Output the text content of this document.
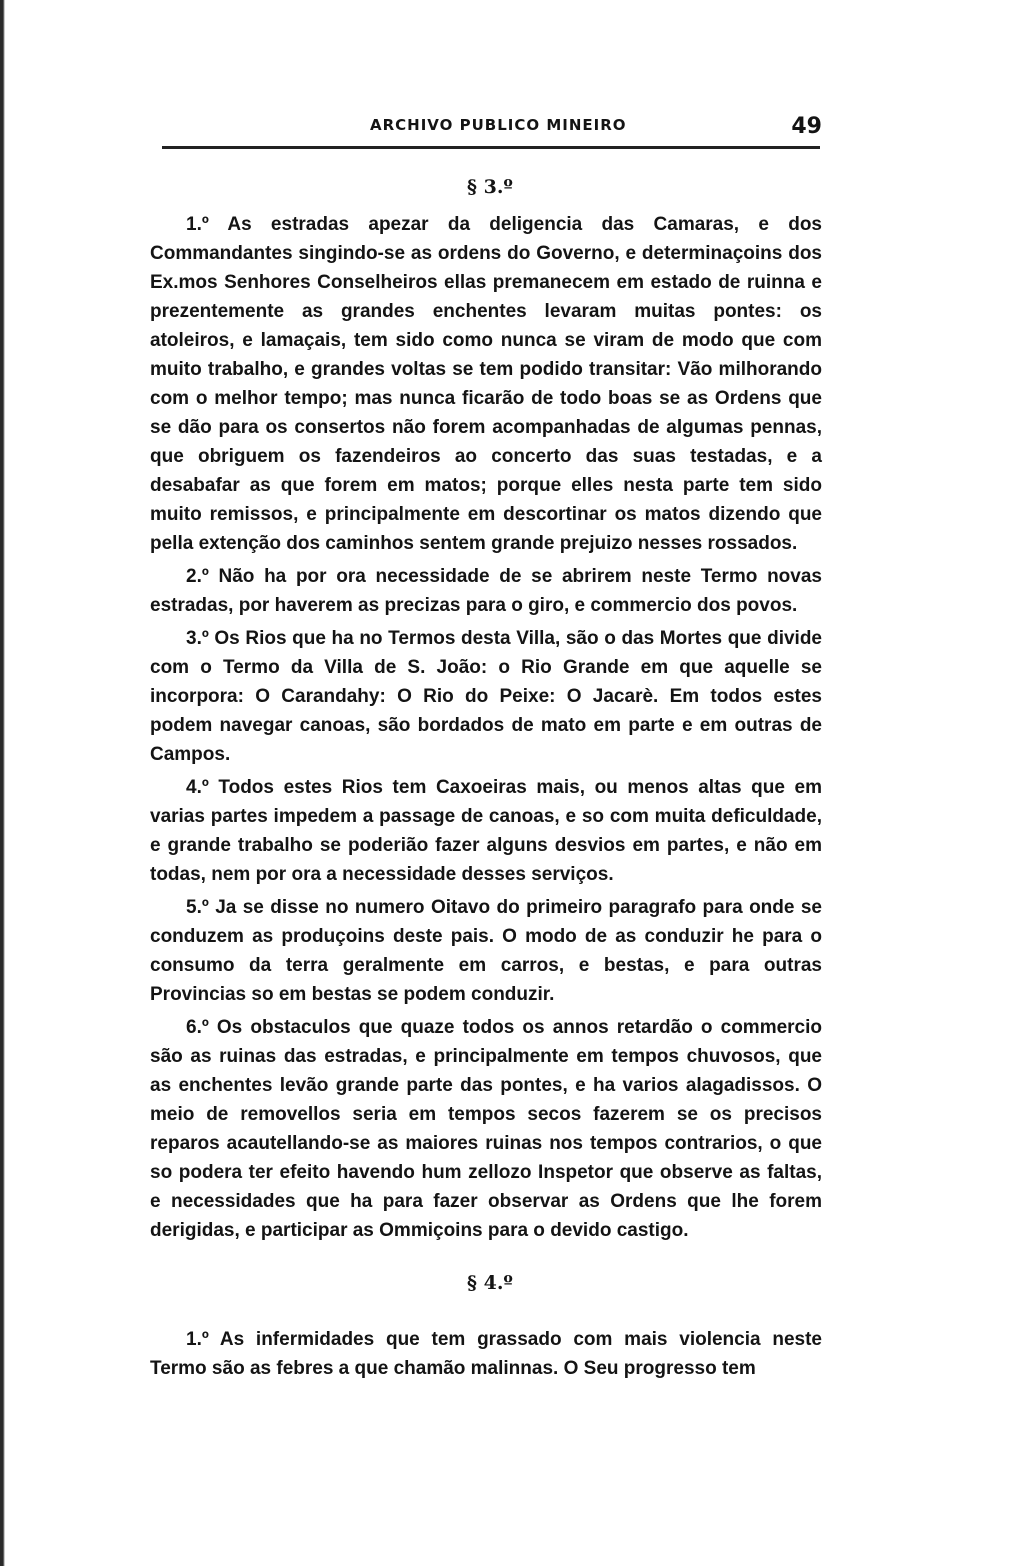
ARCHIVO PUBLICO MINEIRO	49
§ 3.º

1.º As estradas apezar da deligencia das Camaras, e dos Commandantes singindo-se as ordens do Governo, e determinaçoins dos Ex.mos Senhores Conselheiros ellas premanecem em estado de ruinna e prezentemente as grandes enchentes levaram muitas pontes: os atoleiros, e lamaçais, tem sido como nunca se viram de modo que com muito trabalho, e grandes voltas se tem podido transitar: Vão milhorando com o melhor tempo; mas nunca ficarão de todo boas se as Ordens que se dão para os consertos não forem acompanhadas de algumas pennas, que obriguem os fazendeiros ao concerto das suas testadas, e a desabafar as que forem em matos; porque elles nesta parte tem sido muito remissos, e principalmente em descortinar os matos dizendo que pella extenção dos caminhos sentem grande prejuizo nesses rossados.

2.º Não ha por ora necessidade de se abrirem neste Termo novas estradas, por haverem as precizas para o giro, e commercio dos povos.

3.º Os Rios que ha no Termos desta Villa, são o das Mortes que divide com o Termo da Villa de S. João: o Rio Grande em que aquelle se incorpora: O Carandahy: O Rio do Peixe: O Jacarè. Em todos estes podem navegar canoas, são bordados de mato em parte e em outras de Campos.

4.º Todos estes Rios tem Caxoeiras mais, ou menos altas que em varias partes impedem a passage de canoas, e so com muita deficuldade, e grande trabalho se poderião fazer alguns desvios em partes, e não em todas, nem por ora a necessidade desses serviços.

5.º Ja se disse no numero Oitavo do primeiro paragrafo para onde se conduzem as produçoins deste pais. O modo de as conduzir he para o consumo da terra geralmente em carros, e bestas, e para outras Provincias so em bestas se podem conduzir.

6.º Os obstaculos que quaze todos os annos retardão o commercio são as ruinas das estradas, e principalmente em tempos chuvosos, que as enchentes levão grande parte das pontes, e ha varios alagadissos. O meio de removellos seria em tempos secos fazerem se os precisos reparos acautellando-se as maiores ruinas nos tempos contrarios, o que so podera ter efeito havendo hum zellozo Inspetor que observe as faltas, e necessidades que ha para fazer observar as Ordens que lhe forem derigidas, e participar as Ommiçoins para o devido castigo.

§ 4.º

1.º As infermidades que tem grassado com mais violencia neste Termo são as febres a que chamão malinnas. O Seu progresso tem
